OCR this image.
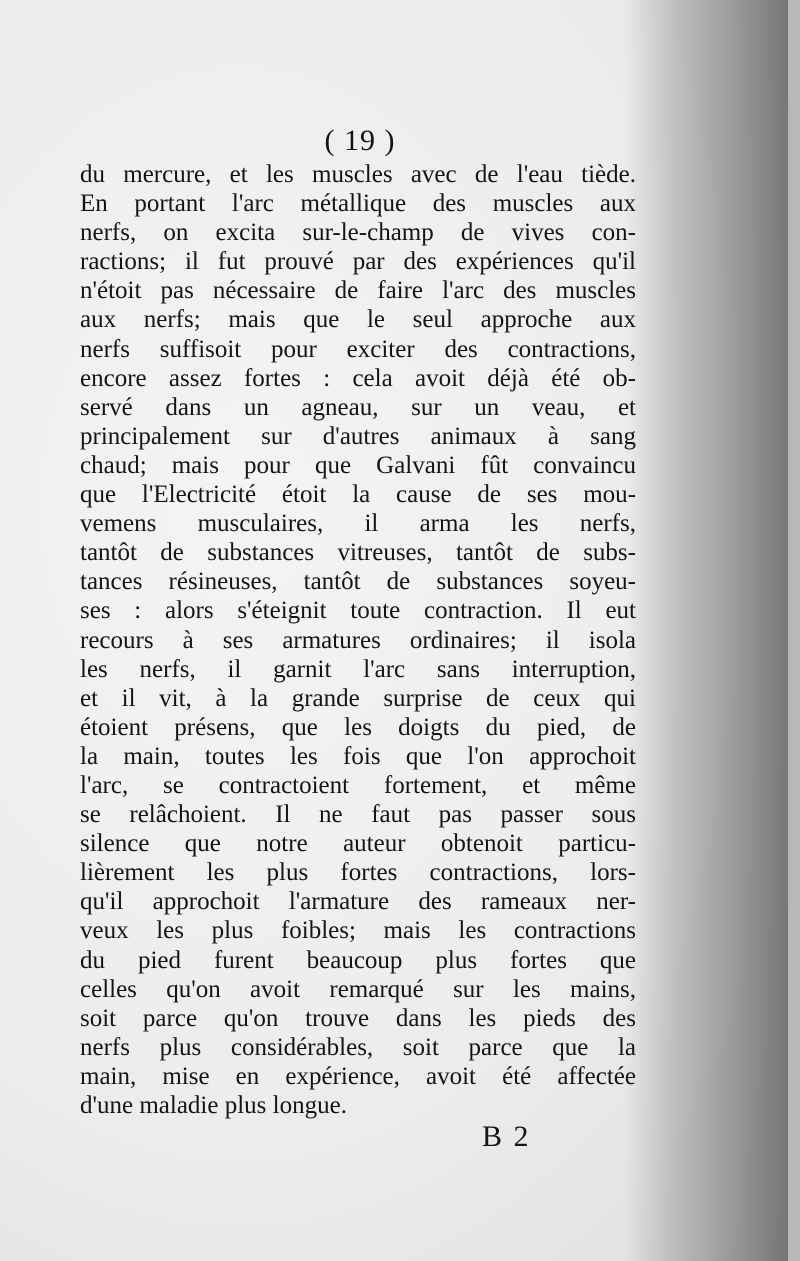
( 19 )
du mercure, et les muscles avec de l'eau tiède.
En portant l'arc métallique des muscles aux
nerfs, on excita sur-le-champ de vives con-
ractions; il fut prouvé par des expériences qu'il
n'étoit pas nécessaire de faire l'arc des muscles
aux nerfs; mais que le seul approche aux
nerfs suffisoit pour exciter des contractions,
encore assez fortes : cela avoit déjà été ob-
servé dans un agneau, sur un veau, et
principalement sur d'autres animaux à sang
chaud; mais pour que Galvani fût convaincu
que l'Electricité étoit la cause de ses mou-
vemens musculaires, il arma les nerfs,
tantôt de substances vitreuses, tantôt de subs-
tances résineuses, tantôt de substances soyeu-
ses : alors s'éteignit toute contraction. Il eut
recours à ses armatures ordinaires; il isola
les nerfs, il garnit l'arc sans interruption,
et il vit, à la grande surprise de ceux qui
étoient présens, que les doigts du pied, de
la main, toutes les fois que l'on approchoit
l'arc, se contractoient fortement, et même
se relâchoient. Il ne faut pas passer sous
silence que notre auteur obtenoit particu-
lièrement les plus fortes contractions, lors-
qu'il approchoit l'armature des rameaux ner-
veux les plus foibles; mais les contractions
du pied furent beaucoup plus fortes que
celles qu'on avoit remarqué sur les mains,
soit parce qu'on trouve dans les pieds des
nerfs plus considérables, soit parce que la
main, mise en expérience, avoit été affectée
d'une maladie plus longue.
B 2
